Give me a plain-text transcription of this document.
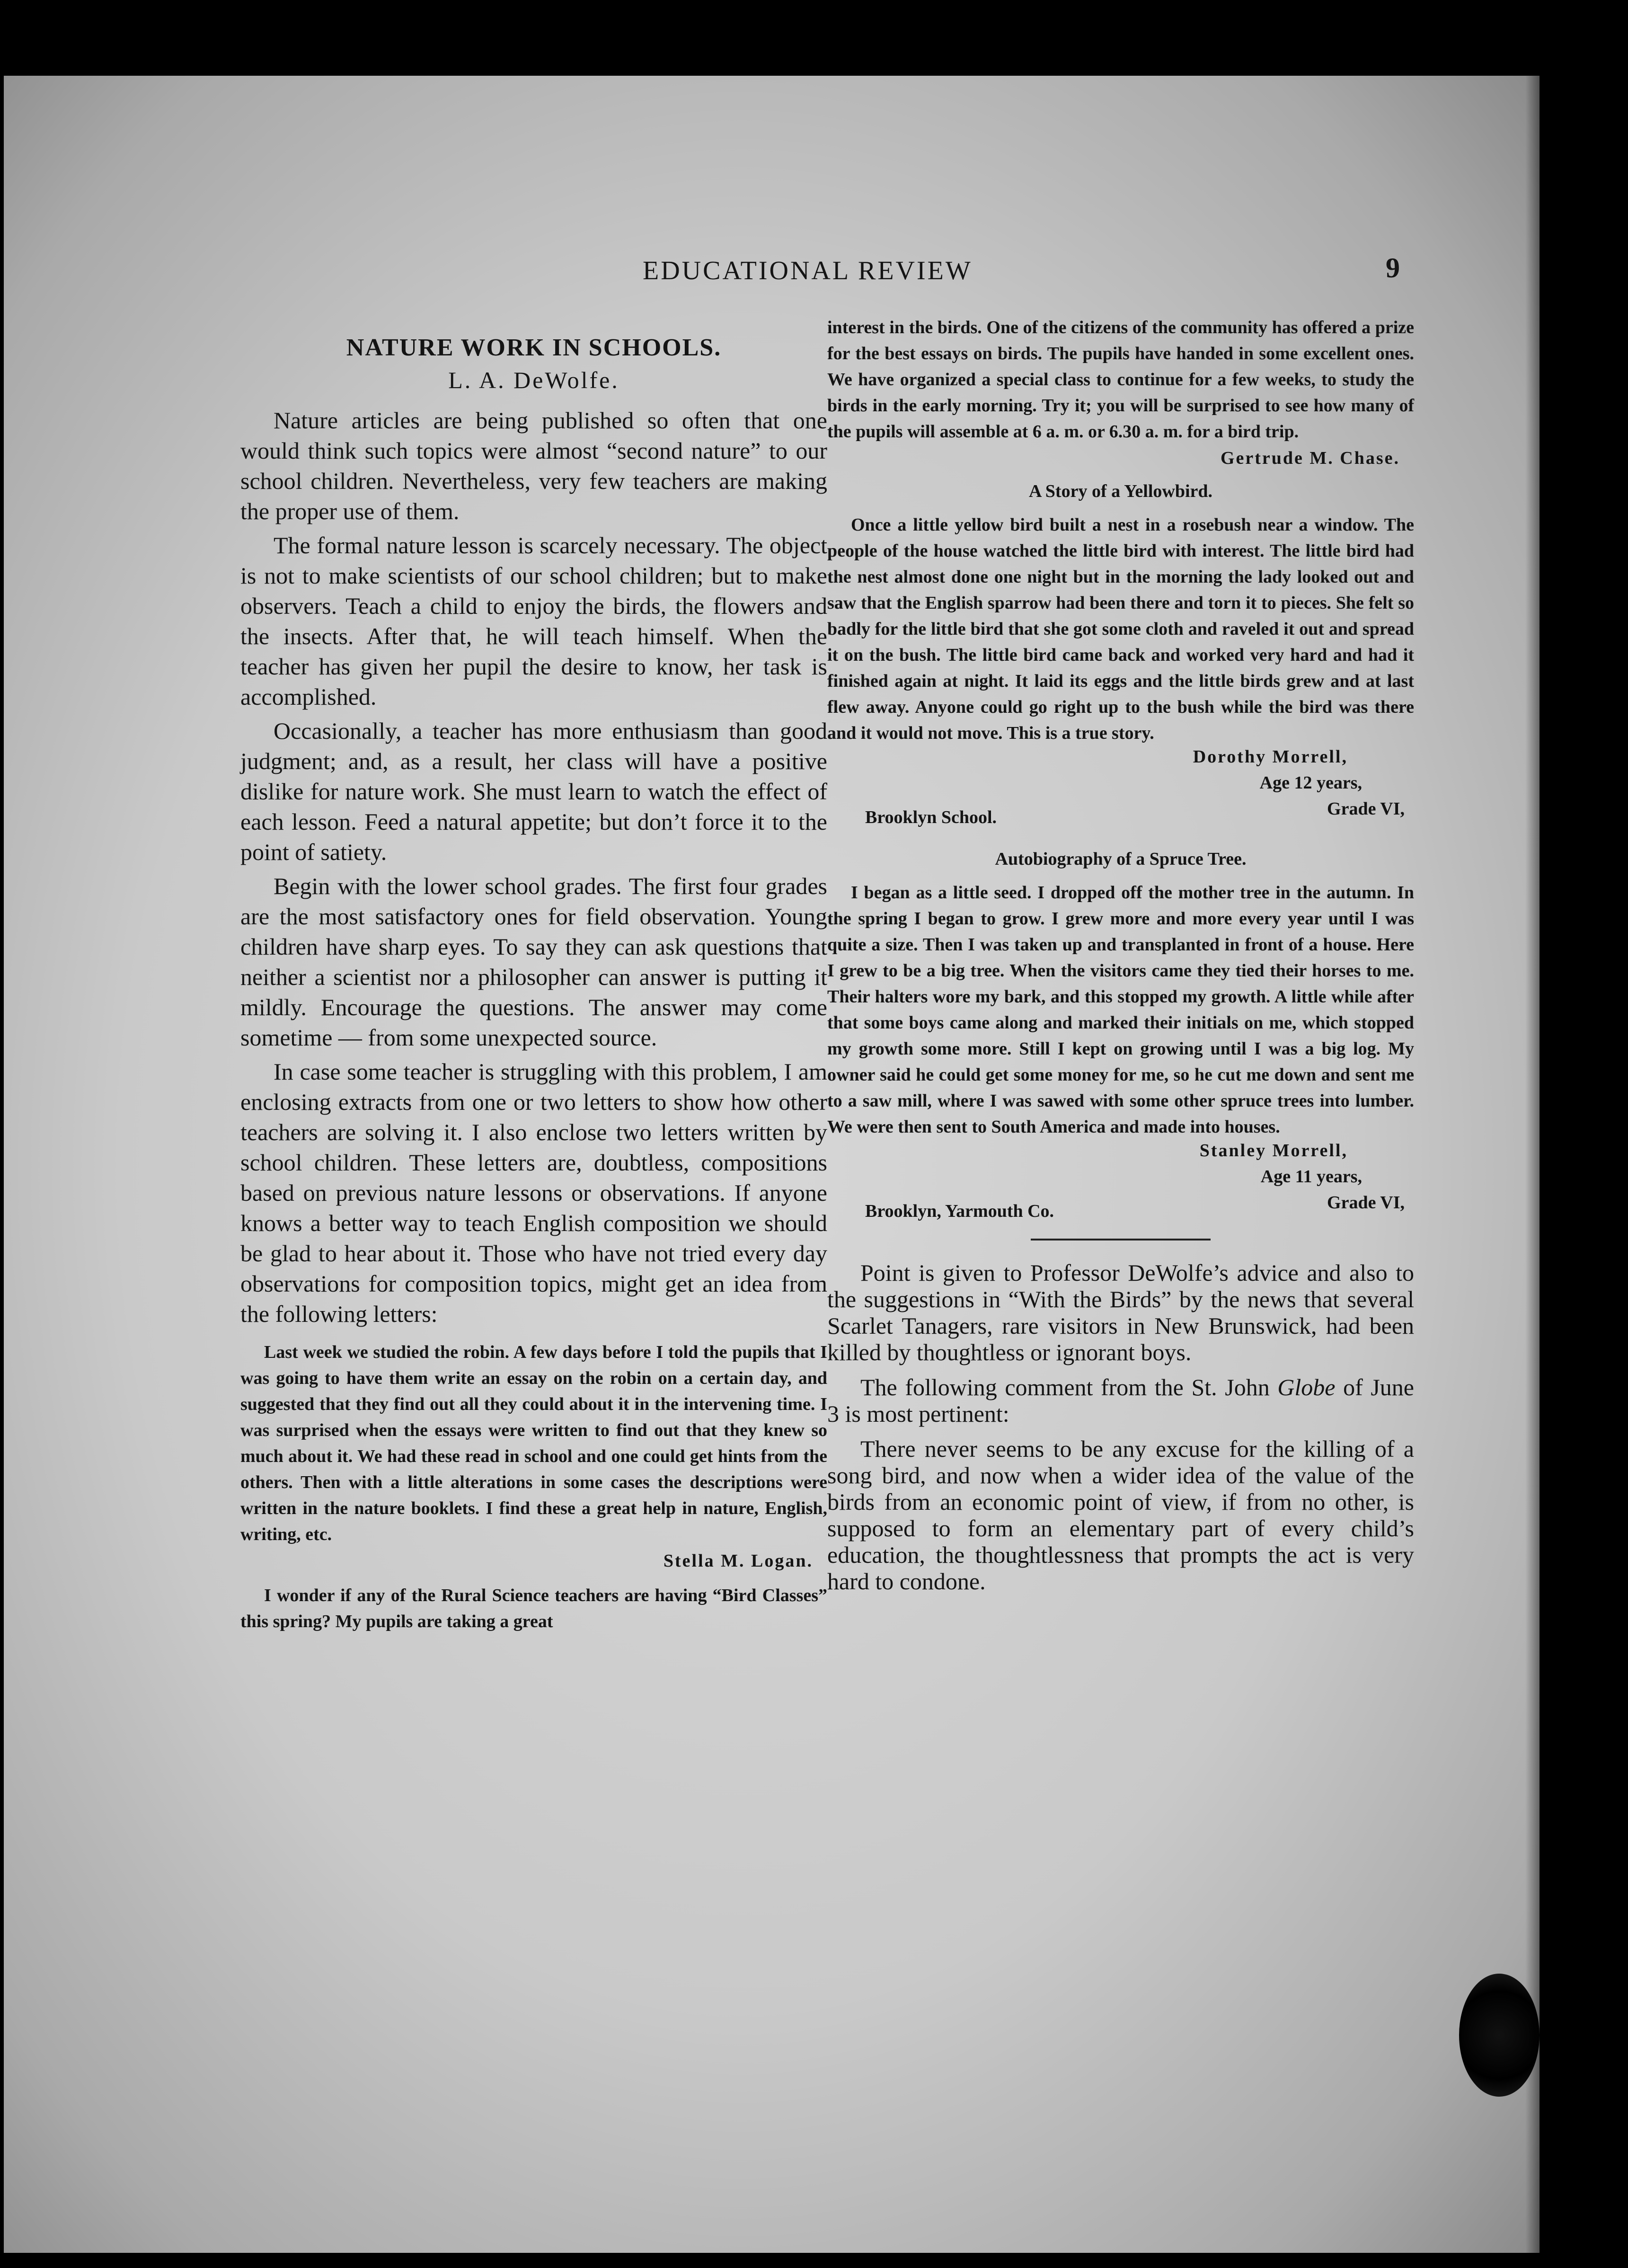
EDUCATIONAL REVIEW	9
NATURE WORK IN SCHOOLS.
L. A. DeWolfe.

Nature articles are being published so often that one would think such topics were almost “second nature” to our school children. Nevertheless, very few teachers are making the proper use of them.

The formal nature lesson is scarcely necessary. The object is not to make scientists of our school children; but to make observers. Teach a child to enjoy the birds, the flowers and the insects. After that, he will teach himself. When the teacher has given her pupil the desire to know, her task is accomplished.

Occasionally, a teacher has more enthusiasm than good judgment; and, as a result, her class will have a positive dislike for nature work. She must learn to watch the effect of each lesson. Feed a natural appetite; but don’t force it to the point of satiety.

Begin with the lower school grades. The first four grades are the most satisfactory ones for field observation. Young children have sharp eyes. To say they can ask questions that neither a scientist nor a philosopher can answer is putting it mildly. Encourage the questions. The answer may come sometime — from some unexpected source.

In case some teacher is struggling with this problem, I am enclosing extracts from one or two letters to show how other teachers are solving it. I also enclose two letters written by school children. These letters are, doubtless, compositions based on previous nature lessons or observations. If anyone knows a better way to teach English composition we should be glad to hear about it. Those who have not tried every day observations for composition topics, might get an idea from the following letters:

Last week we studied the robin. A few days before I told the pupils that I was going to have them write an essay on the robin on a certain day, and suggested that they find out all they could about it in the intervening time. I was surprised when the essays were written to find out that they knew so much about it. We had these read in school and one could get hints from the others. Then with a little alterations in some cases the descriptions were written in the nature booklets. I find these a great help in nature, English, writing, etc.

Stella M. Logan.

I wonder if any of the Rural Science teachers are having “Bird Classes” this spring? My pupils are taking a great

interest in the birds. One of the citizens of the community has offered a prize for the best essays on birds. The pupils have handed in some excellent ones. We have organized a special class to continue for a few weeks, to study the birds in the early morning. Try it; you will be surprised to see how many of the pupils will assemble at 6 a. m. or 6.30 a. m. for a bird trip.

Gertrude M. Chase.
A Story of a Yellowbird.

Once a little yellow bird built a nest in a rosebush near a window. The people of the house watched the little bird with interest. The little bird had the nest almost done one night but in the morning the lady looked out and saw that the English sparrow had been there and torn it to pieces. She felt so badly for the little bird that she got some cloth and raveled it out and spread it on the bush. The little bird came back and worked very hard and had it finished again at night. It laid its eggs and the little birds grew and at last flew away. Anyone could go right up to the bush while the bird was there and it would not move. This is a true story.

Dorothy Morrell,
Age 12 years,
Grade VI,
Brooklyn School.
Autobiography of a Spruce Tree.

I began as a little seed. I dropped off the mother tree in the autumn. In the spring I began to grow. I grew more and more every year until I was quite a size. Then I was taken up and transplanted in front of a house. Here I grew to be a big tree. When the visitors came they tied their horses to me. Their halters wore my bark, and this stopped my growth. A little while after that some boys came along and marked their initials on me, which stopped my growth some more. Still I kept on growing until I was a big log. My owner said he could get some money for me, so he cut me down and sent me to a saw mill, where I was sawed with some other spruce trees into lumber. We were then sent to South America and made into houses.

Stanley Morrell,
Age 11 years,
Grade VI,
Brooklyn, Yarmouth Co.

Point is given to Professor DeWolfe’s advice and also to the suggestions in “With the Birds” by the news that several Scarlet Tanagers, rare visitors in New Brunswick, had been killed by thoughtless or ignorant boys.

The following comment from the St. John Globe of June 3 is most pertinent:

There never seems to be any excuse for the killing of a song bird, and now when a wider idea of the value of the birds from an economic point of view, if from no other, is supposed to form an elementary part of every child’s education, the thoughtlessness that prompts the act is very hard to condone.
